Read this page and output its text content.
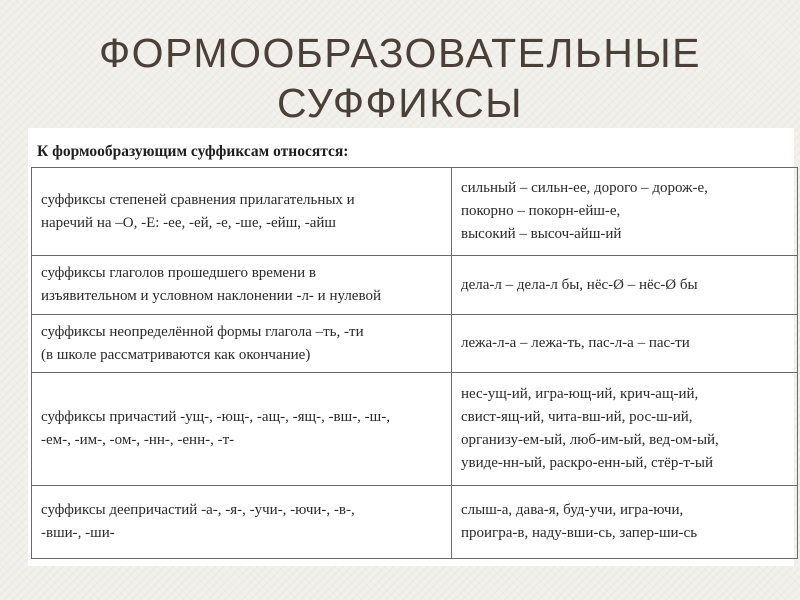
ФОРМООБРАЗОВАТЕЛЬНЫЕ
СУФФИКСЫ
К формообразующим суффиксам относятся:
суффиксы степеней сравнения прилагательных и
наречий на –О, -Е: -ее, -ей, -е, -ше, -ейш, -айш	сильный – сильн-ее, дорого – дорож-е,
покорно – покорн-ейш-е,
высокий – высоч-айш-ий

суффиксы глаголов прошедшего времени в
изъявительном и условном наклонении -л- и нулевой	дела-л – дела-л бы, нёс-Ø – нёс-Ø бы

суффиксы неопределённой формы глагола –ть, -ти
(в школе рассматриваются как окончание)	лежа-л-а – лежа-ть, пас-л-а – пас-ти

суффиксы причастий -ущ-, -ющ-, -ащ-, -ящ-, -вш-, -ш-,
-ем-, -им-, -ом-, -нн-, -енн-, -т-	нес-ущ-ий, игра-ющ-ий, крич-ащ-ий,
свист-ящ-ий, чита-вш-ий, рос-ш-ий,
организу-ем-ый, люб-им-ый, вед-ом-ый,
увиде-нн-ый, раскро-енн-ый, стёр-т-ый

суффиксы деепричастий -а-, -я-, -учи-, -ючи-, -в-,
-вши-, -ши-	слыш-а, дава-я, буд-учи, игра-ючи,
проигра-в, наду-вши-сь, запер-ши-сь
